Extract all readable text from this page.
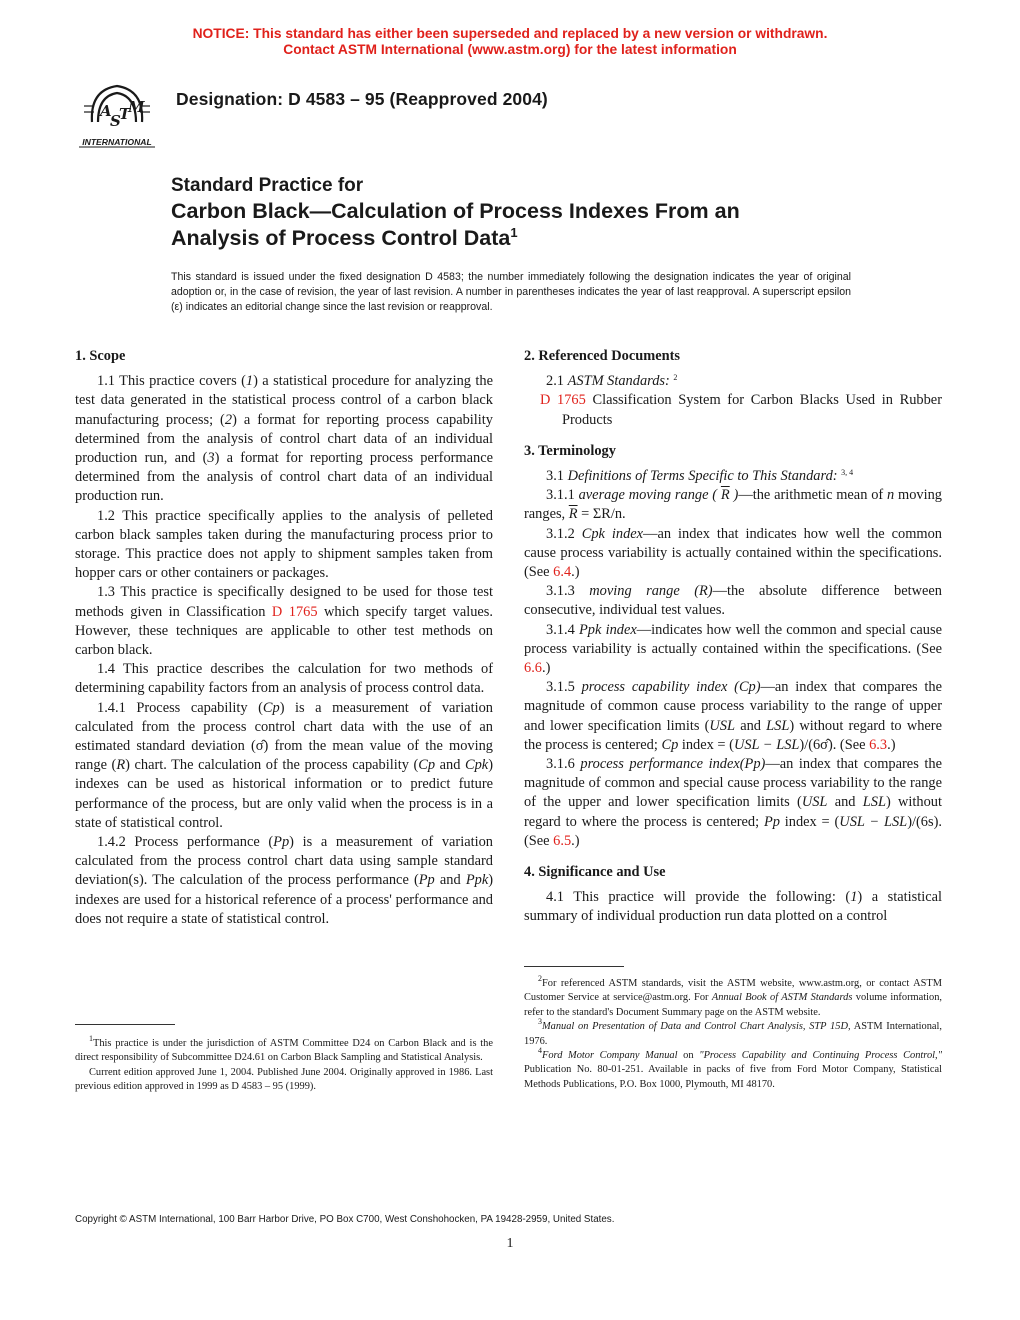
NOTICE: This standard has either been superseded and replaced by a new version or withdrawn.
Contact ASTM International (www.astm.org) for the latest information
A
S
T
M
INTERNATIONAL
Designation: D 4583 – 95 (Reapproved 2004)
Standard Practice for
Carbon Black—Calculation of Process Indexes From an
Analysis of Process Control Data$^1$
This standard is issued under the fixed designation D 4583; the number immediately following the designation indicates the year of original adoption or, in the case of revision, the year of last revision. A number in parentheses indicates the year of last reapproval. A superscript epsilon (ε) indicates an editorial change since the last revision or reapproval.
1. Scope

1.1 This practice covers (1) a statistical procedure for analyzing the test data generated in the statistical process control of a carbon black manufacturing process; (2) a format for reporting process capability determined from the analysis of control chart data of an individual production run, and (3) a format for reporting process performance determined from the analysis of control chart data of an individual production run.

1.2 This practice specifically applies to the analysis of pelleted carbon black samples taken during the manufacturing process prior to storage. This practice does not apply to shipment samples taken from hopper cars or other containers or packages.

1.3 This practice is specifically designed to be used for those test methods given in Classification D 1765 which specify target values. However, these techniques are applicable to other test methods on carbon black.

1.4 This practice describes the calculation for two methods of determining capability factors from an analysis of process control data.

1.4.1 Process capability (Cp) is a measurement of variation calculated from the process control chart data with the use of an estimated standard deviation (σ̂) from the mean value of the moving range (R) chart. The calculation of the process capability (Cp and Cpk) indexes can be used as historical information or to predict future performance of the process, but are only valid when the process is in a state of statistical control.

1.4.2 Process performance (Pp) is a measurement of variation calculated from the process control chart data using sample standard deviation(s). The calculation of the process performance (Pp and Ppk) indexes are used for a historical reference of a process' performance and does not require a state of statistical control.

$^1$This practice is under the jurisdiction of ASTM Committee D24 on Carbon Black and is the direct responsibility of Subcommittee D24.61 on Carbon Black Sampling and Statistical Analysis.

Current edition approved June 1, 2004. Published June 2004. Originally approved in 1986. Last previous edition approved in 1999 as D 4583 – 95 (1999).

2. Referenced Documents

2.1 ASTM Standards: $^2$

D 1765 Classification System for Carbon Blacks Used in Rubber Products

3. Terminology

3.1 Definitions of Terms Specific to This Standard: $^{3, 4}$

3.1.1 average moving range ( $\overline{R}$ )—the arithmetic mean of n moving ranges, $\overline{R} = \Sigma R/n$.

3.1.2 Cpk index—an index that indicates how well the common cause process variability is actually contained within the specifications. (See 6.4.)

3.1.3 moving range (R)—the absolute difference between consecutive, individual test values.

3.1.4 Ppk index—indicates how well the common and special cause process variability is actually contained within the specifications. (See 6.6.)

3.1.5 process capability index (Cp)—an index that compares the magnitude of common cause process variability to the range of upper and lower specification limits (USL and LSL) without regard to where the process is centered; Cp index = (USL − LSL)/(6σ̂). (See 6.3.)

3.1.6 process performance index(Pp)—an index that compares the magnitude of common and special cause process variability to the range of the upper and lower specification limits (USL and LSL) without regard to where the process is centered; Pp index = (USL − LSL)/(6s). (See 6.5.)

4. Significance and Use

4.1 This practice will provide the following: (1) a statistical summary of individual production run data plotted on a control

$^2$For referenced ASTM standards, visit the ASTM website, www.astm.org, or contact ASTM Customer Service at service@astm.org. For Annual Book of ASTM Standards volume information, refer to the standard's Document Summary page on the ASTM website.

$^3$Manual on Presentation of Data and Control Chart Analysis, STP 15D, ASTM International, 1976.

$^4$Ford Motor Company Manual on "Process Capability and Continuing Process Control," Publication No. 80-01-251. Available in packs of five from Ford Motor Company, Statistical Methods Publications, P.O. Box 1000, Plymouth, MI 48170.

Copyright © ASTM International, 100 Barr Harbor Drive, PO Box C700, West Conshohocken, PA 19428-2959, United States.
1
